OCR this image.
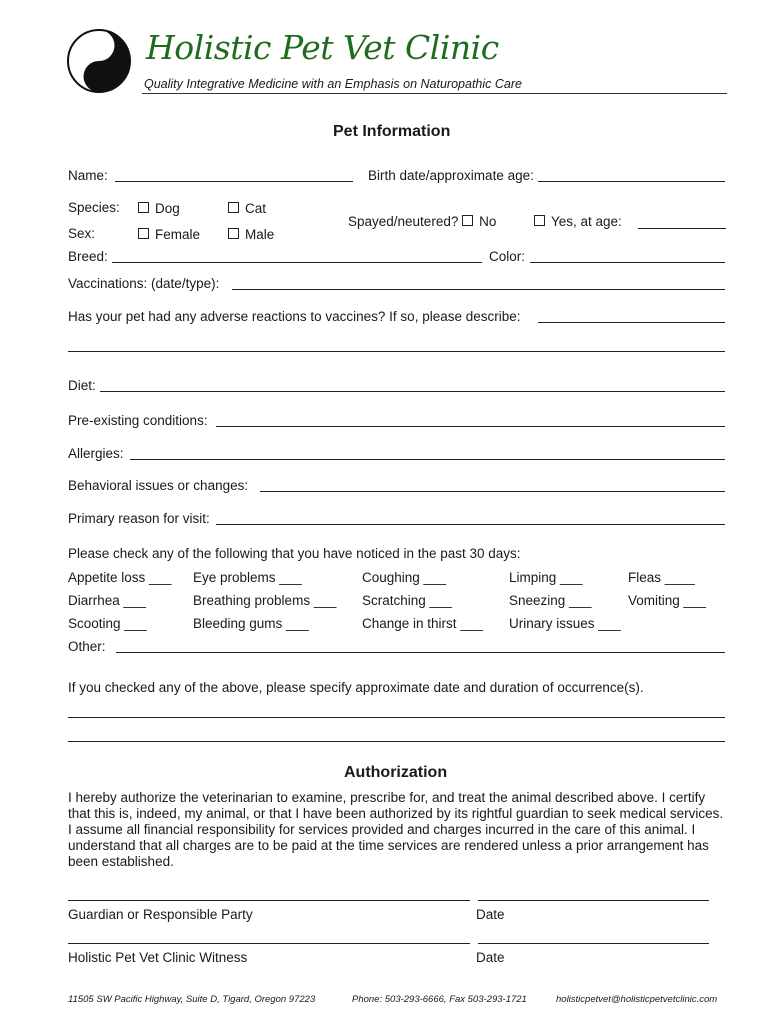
Holistic Pet Vet Clinic
Quality Integrative Medicine with an Emphasis on Naturopathic Care
Pet Information
Name:	Birth date/approximate age:
Species:	Dog	Cat
Sex:	Female	Male
Spayed/neutered? No	Yes, at age:
Breed:	Color:
Vaccinations: (date/type):
Has your pet had any adverse reactions to vaccines? If so, please describe:
Diet:
Pre-existing conditions:
Allergies:
Behavioral issues or changes:
Primary reason for visit:
Please check any of the following that you have noticed in the past 30 days:
Appetite loss ___ Eye problems ___	Coughing ___	Limping ___	Fleas ____
Diarrhea ___	Breathing problems ___ Scratching ___	Sneezing ___	Vomiting ___
Scooting ___	Bleeding gums ___	Change in thirst ___ Urinary issues ___
Other:
If you checked any of the above, please specify approximate date and duration of occurrence(s).
Authorization
I hereby authorize the veterinarian to examine, prescribe for, and treat the animal described above. I certify that this is, indeed, my animal, or that I have been authorized by its rightful guardian to seek medical services. I assume all financial responsibility for services provided and charges incurred in the care of this animal. I understand that all charges are to be paid at the time services are rendered unless a prior arrangement has been established.
Guardian or Responsible Party	Date
Holistic Pet Vet Clinic Witness	Date
11505 SW Pacific Highway, Suite D, Tigard, Oregon 97223	Phone: 503-293-6666, Fax 503-293-1721	holisticpetvet@holisticpetvetclinic.com
